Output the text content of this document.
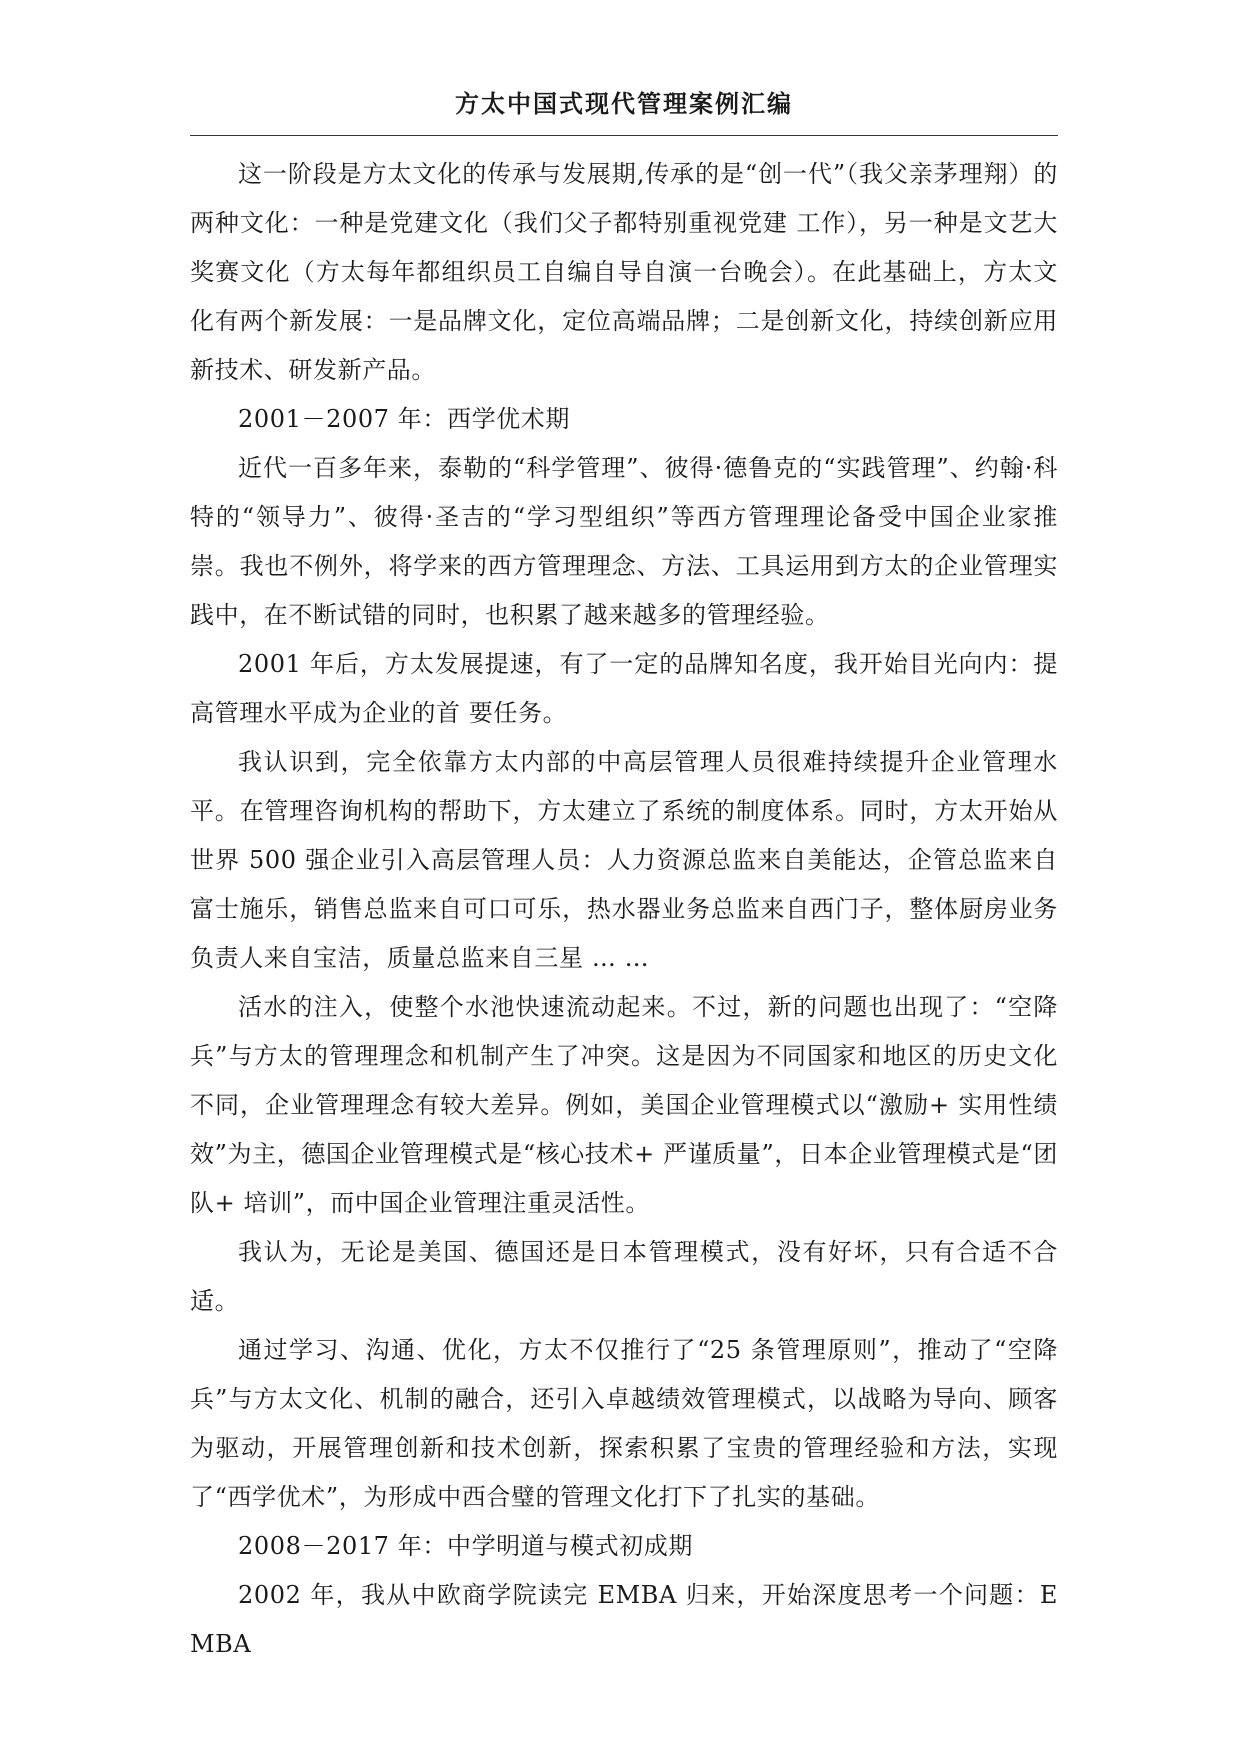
方太中国式现代管理案例汇编

这一阶段是方太文化的传承与发展期,传承的是“创一代”（我父亲茅理翔）的两种文化：一种是党建文化（我们父子都特别重视党建 工作），另一种是文艺大奖赛文化（方太每年都组织员工自编自导自演一台晚会）。在此基础上，方太文化有两个新发展：一是品牌文化，定位高端品牌；二是创新文化，持续创新应用新技术、研发新产品。

2001－2007 年：西学优术期

近代一百多年来，泰勒的“科学管理”、彼得·德鲁克的“实践管理”、约翰·科特的“领导力”、彼得·圣吉的“学习型组织”等西方管理理论备受中国企业家推崇。我也不例外，将学来的西方管理理念、方法、工具运用到方太的企业管理实践中，在不断试错的同时，也积累了越来越多的管理经验。

2001 年后，方太发展提速，有了一定的品牌知名度，我开始目光向内：提高管理水平成为企业的首 要任务。

我认识到，完全依靠方太内部的中高层管理人员很难持续提升企业管理水平。在管理咨询机构的帮助下，方太建立了系统的制度体系。同时，方太开始从世界 500 强企业引入高层管理人员：人力资源总监来自美能达，企管总监来自富士施乐，销售总监来自可口可乐，热水器业务总监来自西门子，整体厨房业务负责人来自宝洁，质量总监来自三星 … …

活水的注入，使整个水池快速流动起来。不过，新的问题也出现了：“空降兵”与方太的管理理念和机制产生了冲突。这是因为不同国家和地区的历史文化不同，企业管理理念有较大差异。例如，美国企业管理模式以“激励+ 实用性绩效”为主，德国企业管理模式是“核心技术+ 严谨质量”，日本企业管理模式是“团队+ 培训”，而中国企业管理注重灵活性。

我认为，无论是美国、德国还是日本管理模式，没有好坏，只有合适不合适。

通过学习、沟通、优化，方太不仅推行了“25 条管理原则”，推动了“空降兵”与方太文化、机制的融合，还引入卓越绩效管理模式，以战略为导向、顾客为驱动，开展管理创新和技术创新，探索积累了宝贵的管理经验和方法，实现了“西学优术”，为形成中西合璧的管理文化打下了扎实的基础。

2008－2017 年：中学明道与模式初成期

2002 年，我从中欧商学院读完 EMBA 归来，开始深度思考一个问题：EMBA
